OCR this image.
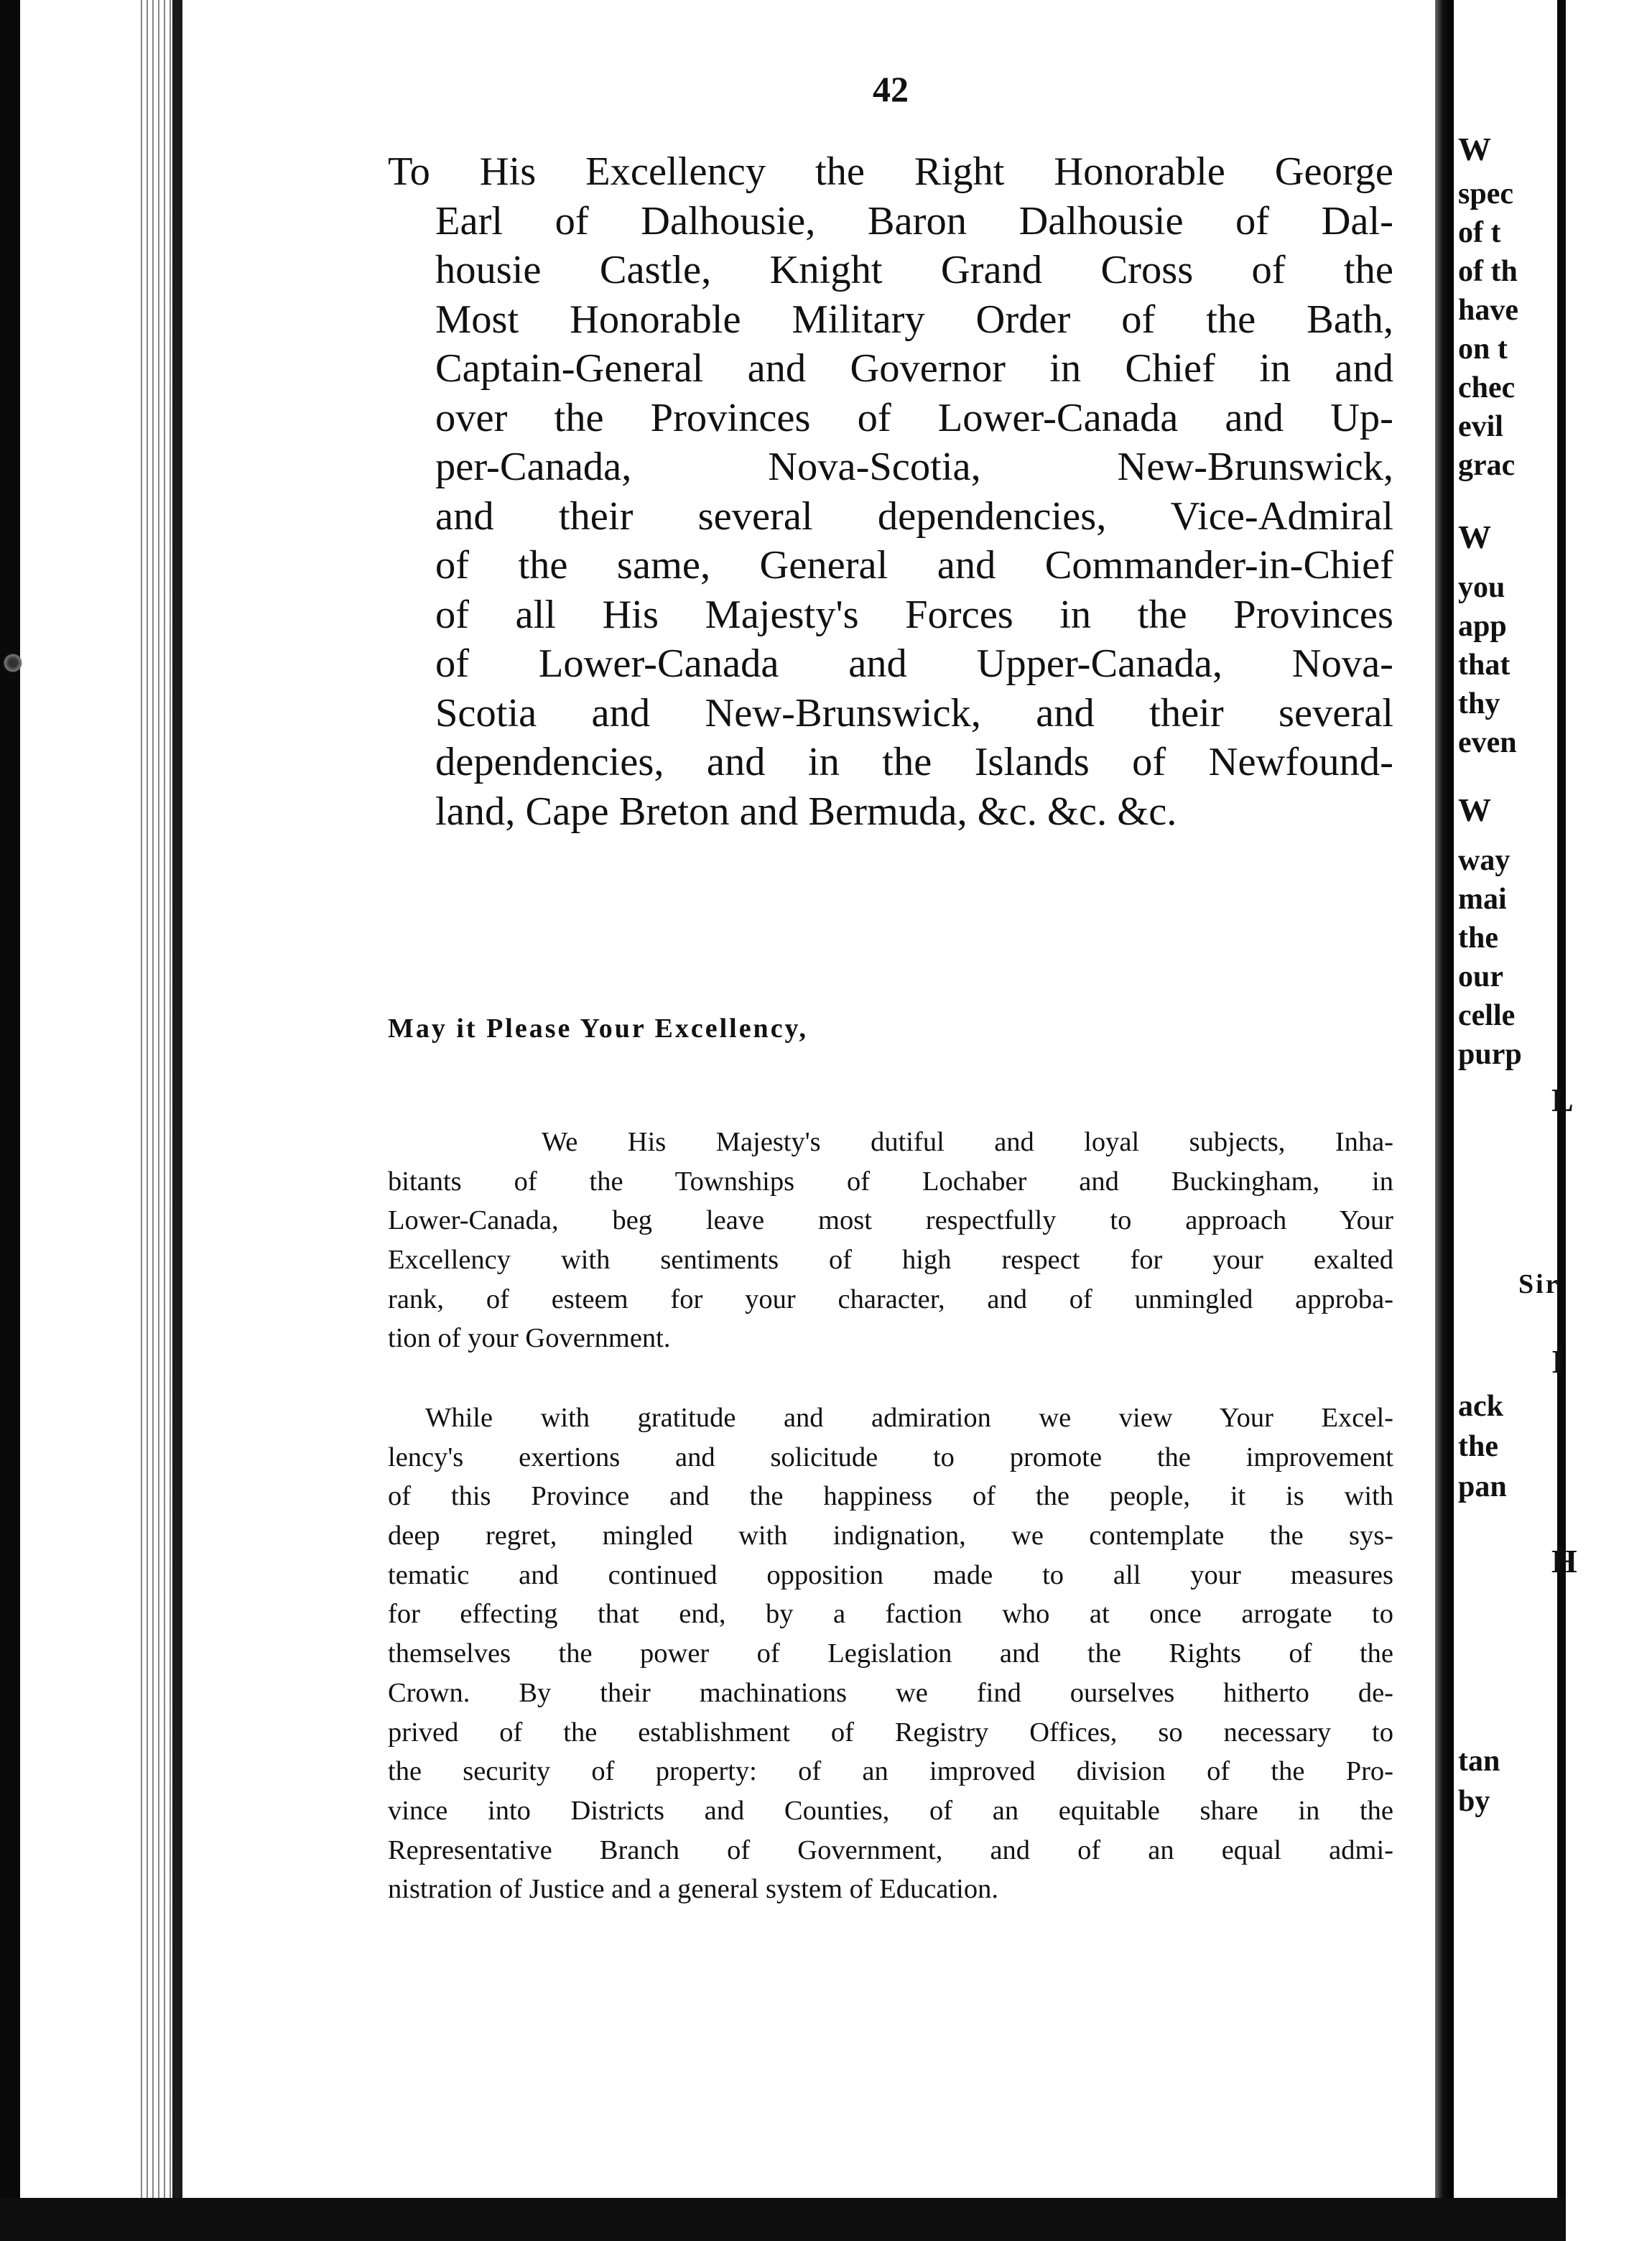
42
To His Excellency the Right Honorable George
Earl of Dalhousie, Baron Dalhousie of Dal-
housie Castle, Knight Grand Cross of the
Most Honorable Military Order of the Bath,
Captain-General and Governor in Chief in and
over the Provinces of Lower-Canada and Up-
per-Canada, Nova-Scotia, New-Brunswick,
and their several dependencies, Vice-Admiral
of the same, General and Commander-in-Chief
of all His Majesty's Forces in the Provinces
of Lower-Canada and Upper-Canada, Nova-
Scotia and New-Brunswick, and their several
dependencies, and in the Islands of Newfound-
land, Cape Breton and Bermuda, &c. &c. &c.
May it Please Your Excellency,
We His Majesty's dutiful and loyal subjects, Inha-
bitants of the Townships of Lochaber and Buckingham, in
Lower-Canada, beg leave most respectfully to approach Your
Excellency with sentiments of high respect for your exalted
rank, of esteem for your character, and of unmingled approba-
tion of your Government.
While with gratitude and admiration we view Your Excel-
lency's exertions and solicitude to promote the improvement
of this Province and the happiness of the people, it is with
deep regret, mingled with indignation, we contemplate the sys-
tematic and continued opposition made to all your measures
for effecting that end, by a faction who at once arrogate to
themselves the power of Legislation and the Rights of the
Crown. By their machinations we find ourselves hitherto de-
prived of the establishment of Registry Offices, so necessary to
the security of property: of an improved division of the Pro-
vince into Districts and Counties, of an equitable share in the
Representative Branch of Government, and of an equal admi-
nistration of Justice and a general system of Education.
W
spec
of t
of th
have
on t
chec
evil
grac
W
you
app
that
thy
even
W
way
mai
the
our
celle
purp
L
Sir
I
ack
the
pan
H
tan
by
